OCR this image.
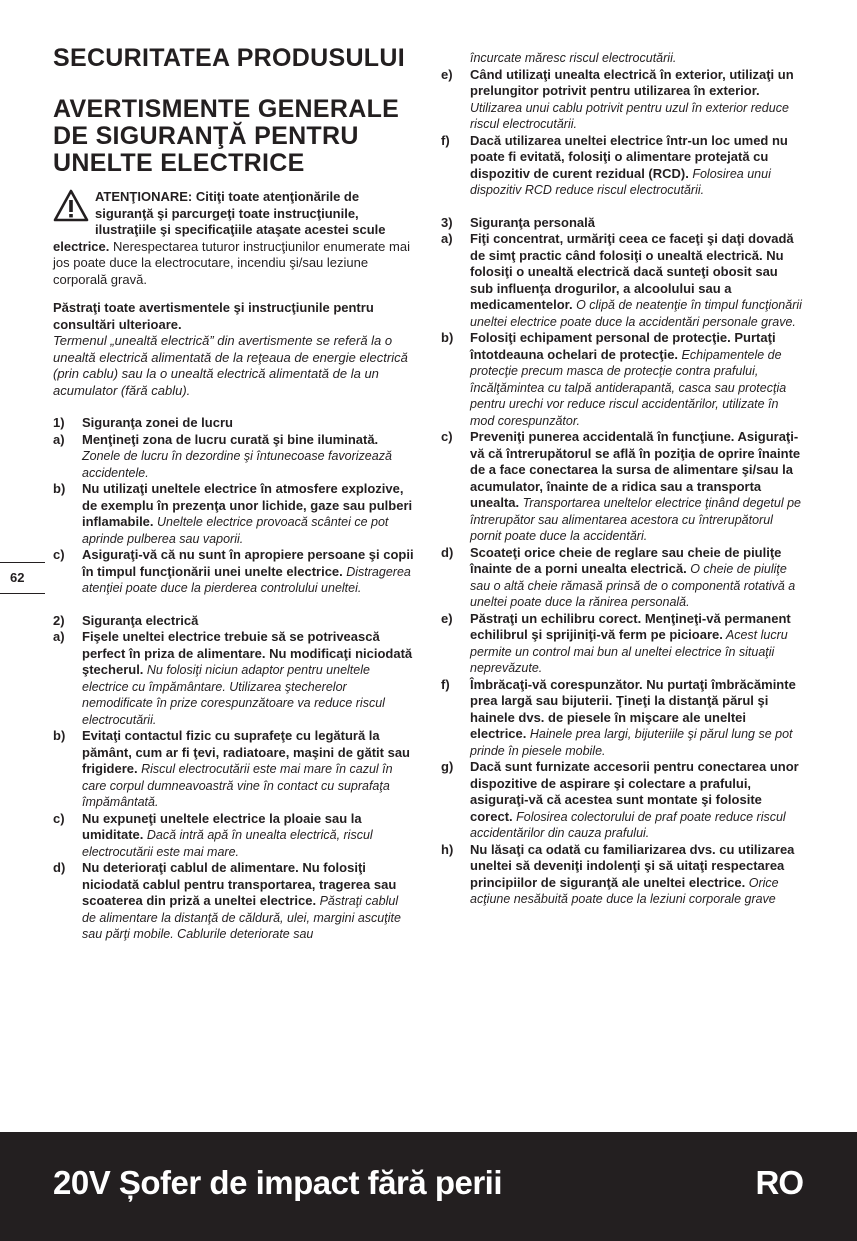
SECURITATEA PRODUSULUI
AVERTISMENTE GENERALE DE SIGURANŢĂ PENTRU UNELTE ELECTRICE
ATENŢIONARE: Citiţi toate atenţionările de siguranţă şi parcurgeţi toate instrucţiunile, ilustraţiile şi specificaţiile ataşate acestei scule electrice. Nerespectarea tuturor instrucţiunilor enumerate mai jos poate duce la electrocutare, incendiu şi/sau leziune corporală gravă.

Păstraţi toate avertismentele şi instrucţiunile pentru consultări ulterioare.

Termenul „unealtă electrică” din avertismente se referă la o unealtă electrică alimentată de la reţeaua de energie electrică (prin cablu) sau la o unealtă electrică alimentată de la un acumulator (fără cablu).

1)	Siguranţa zonei de lucru
a)	Menţineţi zona de lucru curată şi bine iluminată. Zonele de lucru în dezordine şi întunecoase favorizează accidentele.
b)	Nu utilizaţi uneltele electrice în atmosfere explozive, de exemplu în prezenţa unor lichide, gaze sau pulberi inflamabile. Uneltele electrice provoacă scântei ce pot aprinde pulberea sau vaporii.
c)	Asiguraţi-vă că nu sunt în apropiere persoane şi copii în timpul funcţionării unei unelte electrice. Distragerea atenţiei poate duce la pierderea controlului uneltei.
2)	Siguranţa electrică
a)	Fişele uneltei electrice trebuie să se potrivească perfect în priza de alimentare. Nu modificaţi niciodată ştecherul. Nu folosiţi niciun adaptor pentru uneltele electrice cu împământare. Utilizarea ştecherelor nemodificate în prize corespunzătoare va reduce riscul electrocutării.
b)	Evitaţi contactul fizic cu suprafeţe cu legătură la pământ, cum ar fi ţevi, radiatoare, maşini de gătit sau frigidere. Riscul electrocutării este mai mare în cazul în care corpul dumneavoastră vine în contact cu suprafaţa împământată.
c)	Nu expuneţi uneltele electrice la ploaie sau la umiditate. Dacă intră apă în unealta electrică, riscul electrocutării este mai mare.
d)	Nu deterioraţi cablul de alimentare. Nu folosiţi niciodată cablul pentru transportarea, tragerea sau scoaterea din priză a uneltei electrice. Păstraţi cablul de alimentare la distanţă de căldură, ulei, margini ascuţite sau părţi mobile. Cablurile deteriorate sau
încurcate măresc riscul electrocutării.
e)	Când utilizaţi unealta electrică în exterior, utilizaţi un prelungitor potrivit pentru utilizarea în exterior. Utilizarea unui cablu potrivit pentru uzul în exterior reduce riscul electrocutării.
f)	Dacă utilizarea uneltei electrice într-un loc umed nu poate fi evitată, folosiţi o alimentare protejată cu dispozitiv de curent rezidual (RCD). Folosirea unui dispozitiv RCD reduce riscul electrocutării.
3)	Siguranţa personală
a)	Fiţi concentrat, urmăriţi ceea ce faceţi şi daţi dovadă de simţ practic când folosiţi o unealtă electrică. Nu folosiţi o unealtă electrică dacă sunteţi obosit sau sub influenţa drogurilor, a alcoolului sau a medicamentelor. O clipă de neatenţie în timpul funcţionării uneltei electrice poate duce la accidentări personale grave.
b)	Folosiţi echipament personal de protecţie. Purtaţi întotdeauna ochelari de protecţie. Echipamentele de protecţie precum masca de protecţie contra prafului, încălţămintea cu talpă antiderapantă, casca sau protecţia pentru urechi vor reduce riscul accidentărilor, utilizate în mod corespunzător.
c)	Preveniţi punerea accidentală în funcţiune. Asiguraţi-vă că întrerupătorul se află în poziţia de oprire înainte de a face conectarea la sursa de alimentare şi/sau la acumulator, înainte de a ridica sau a transporta unealta. Transportarea uneltelor electrice ţinând degetul pe întrerupător sau alimentarea acestora cu întrerupătorul pornit poate duce la accidentări.
d)	Scoateţi orice cheie de reglare sau cheie de piuliţe înainte de a porni unealta electrică. O cheie de piuliţe sau o altă cheie rămasă prinsă de o componentă rotativă a uneltei poate duce la rănirea personală.
e)	Păstraţi un echilibru corect. Menţineţi-vă permanent echilibrul şi sprijiniţi-vă ferm pe picioare. Acest lucru permite un control mai bun al uneltei electrice în situaţii neprevăzute.
f)	Îmbrăcaţi-vă corespunzător. Nu purtaţi îmbrăcăminte prea largă sau bijuterii. Ţineţi la distanţă părul şi hainele dvs. de piesele în mişcare ale uneltei electrice. Hainele prea largi, bijuteriile şi părul lung se pot prinde în piesele mobile.
g)	Dacă sunt furnizate accesorii pentru conectarea unor dispozitive de aspirare şi colectare a prafului, asiguraţi-vă că acestea sunt montate şi folosite corect. Folosirea colectorului de praf poate reduce riscul accidentărilor din cauza prafului.
h)	Nu lăsaţi ca odată cu familiarizarea dvs. cu utilizarea uneltei să deveniţi indolenţi şi să uitaţi respectarea principiilor de siguranţă ale uneltei electrice. Orice acţiune nesăbuită poate duce la leziuni corporale grave
62
20V Șofer de impact fără perii	RO
